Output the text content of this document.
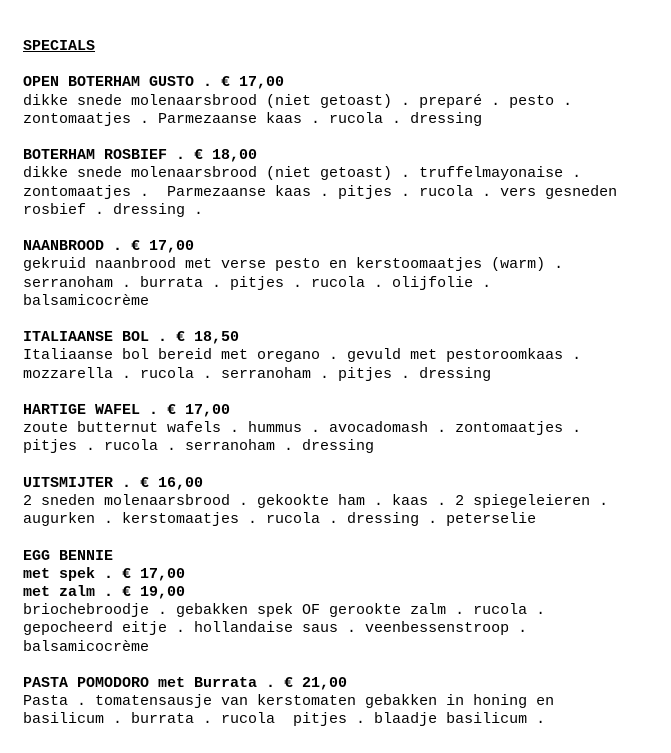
SPECIALS
OPEN BOTERHAM GUSTO . € 17,00
dikke snede molenaarsbrood (niet getoast) . preparé . pesto .
zontomaatjes . Parmezaanse kaas . rucola . dressing
BOTERHAM ROSBIEF . € 18,00
dikke snede molenaarsbrood (niet getoast) . truffelmayonaise .
zontomaatjes .  Parmezaanse kaas . pitjes . rucola . vers gesneden
rosbief . dressing .
NAANBROOD . € 17,00
gekruid naanbrood met verse pesto en kerstoomaatjes (warm) .
serranoham . burrata . pitjes . rucola . olijfolie .
balsamicocrème
ITALIAANSE BOL . € 18,50
Italiaanse bol bereid met oregano . gevuld met pestoroomkaas .
mozzarella . rucola . serranoham . pitjes . dressing
HARTIGE WAFEL . € 17,00
zoute butternut wafels . hummus . avocadomash . zontomaatjes .
pitjes . rucola . serranoham . dressing
UITSMIJTER . € 16,00
2 sneden molenaarsbrood . gekookte ham . kaas . 2 spiegeleieren .
augurken . kerstomaatjes . rucola . dressing . peterselie
EGG BENNIE
met spek . € 17,00
met zalm . € 19,00
briochebroodje . gebakken spek OF gerookte zalm . rucola .
gepocheerd eitje . hollandaise saus . veenbessenstroop .
balsamicocrème
PASTA POMODORO met Burrata . € 21,00
Pasta . tomatensausje van kerstomaten gebakken in honing en
basilicum . burrata . rucola  pitjes . blaadje basilicum .
